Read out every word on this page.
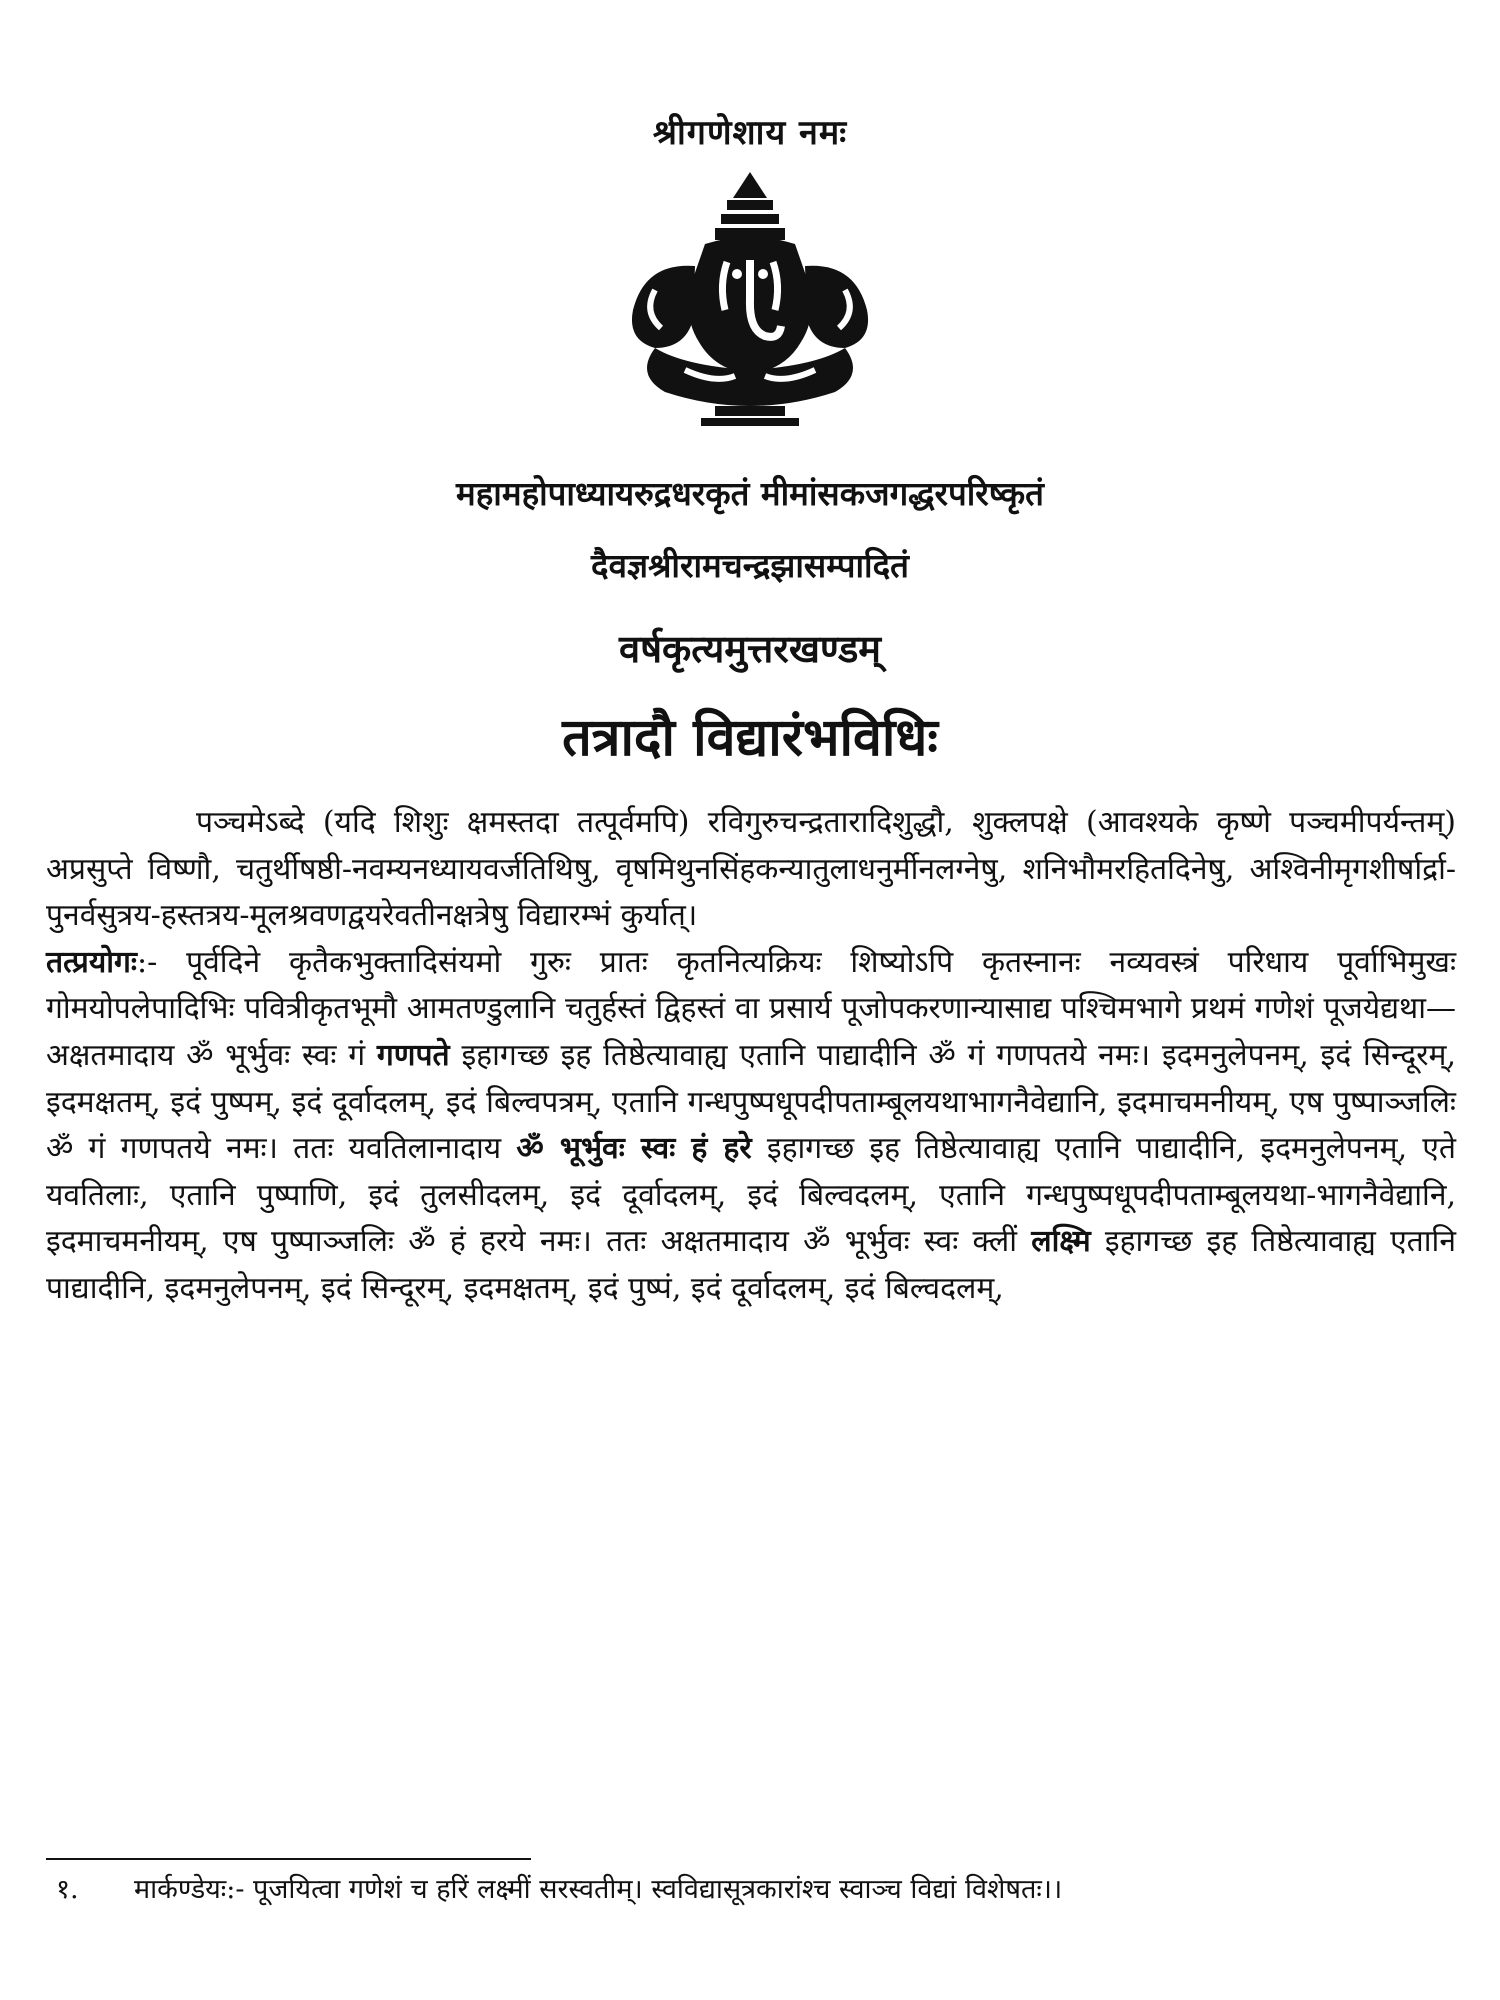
श्रीगणेशाय नमः
महामहोपाध्यायरुद्रधरकृतं मीमांसकजगद्धरपरिष्कृतं
दैवज्ञश्रीरामचन्द्रझासम्पादितं
वर्षकृत्यमुत्तरखण्डम्
तत्रादौ विद्यारंभविधिः

पञ्चमेऽब्दे (यदि शिशुः क्षमस्तदा तत्पूर्वमपि) रविगुरुचन्द्रतारादिशुद्धौ, शुक्लपक्षे (आवश्यके कृष्णे पञ्चमीपर्यन्तम्) अप्रसुप्ते विष्णौ, चतुर्थीषष्ठी-नवम्यनध्यायवर्जतिथिषु, वृषमिथुनसिंहकन्यातुलाधनुर्मीनलग्नेषु, शनिभौमरहितदिनेषु, अश्विनीमृगशीर्षार्द्रा-पुनर्वसुत्रय-हस्तत्रय-मूलश्रवणद्वयरेवतीनक्षत्रेषु विद्यारम्भं कुर्यात्।

तत्प्रयोगः:- पूर्वदिने कृतैकभुक्तादिसंयमो गुरुः प्रातः कृतनित्यक्रियः शिष्योऽपि कृतस्नानः नव्यवस्त्रं परिधाय पूर्वाभिमुखः गोमयोपलेपादिभिः पवित्रीकृतभूमौ आमतण्डुलानि चतुर्हस्तं द्विहस्तं वा प्रसार्य पूजोपकरणान्यासाद्य पश्चिमभागे प्रथमं गणेशं पूजयेद्यथा— अक्षतमादाय ॐ भूर्भुवः स्वः गं गणपते इहागच्छ इह तिष्ठेत्यावाह्य एतानि पाद्यादीनि ॐ गं गणपतये नमः। इदमनुलेपनम्, इदं सिन्दूरम्, इदमक्षतम्, इदं पुष्पम्, इदं दूर्वादलम्, इदं बिल्वपत्रम्, एतानि गन्धपुष्पधूपदीपताम्बूलयथाभागनैवेद्यानि, इदमाचमनीयम्, एष पुष्पाञ्जलिः ॐ गं गणपतये नमः। ततः यवतिलानादाय ॐ भूर्भुवः स्वः हं हरे इहागच्छ इह तिष्ठेत्यावाह्य एतानि पाद्यादीनि, इदमनुलेपनम्, एते यवतिलाः, एतानि पुष्पाणि, इदं तुलसीदलम्, इदं दूर्वादलम्, इदं बिल्वदलम्, एतानि गन्धपुष्पधूपदीपताम्बूलयथा-भागनैवेद्यानि, इदमाचमनीयम्, एष पुष्पाञ्जलिः ॐ हं हरये नमः। ततः अक्षतमादाय ॐ भूर्भुवः स्वः क्लीं लक्ष्मि इहागच्छ इह तिष्ठेत्यावाह्य एतानि पाद्यादीनि, इदमनुलेपनम्, इदं सिन्दूरम्, इदमक्षतम्, इदं पुष्पं, इदं दूर्वादलम्, इदं बिल्वदलम्,

१. मार्कण्डेयः:- पूजयित्वा गणेशं च हरिं लक्ष्मीं सरस्वतीम्। स्वविद्यासूत्रकारांश्च स्वाञ्च विद्यां विशेषतः।।
